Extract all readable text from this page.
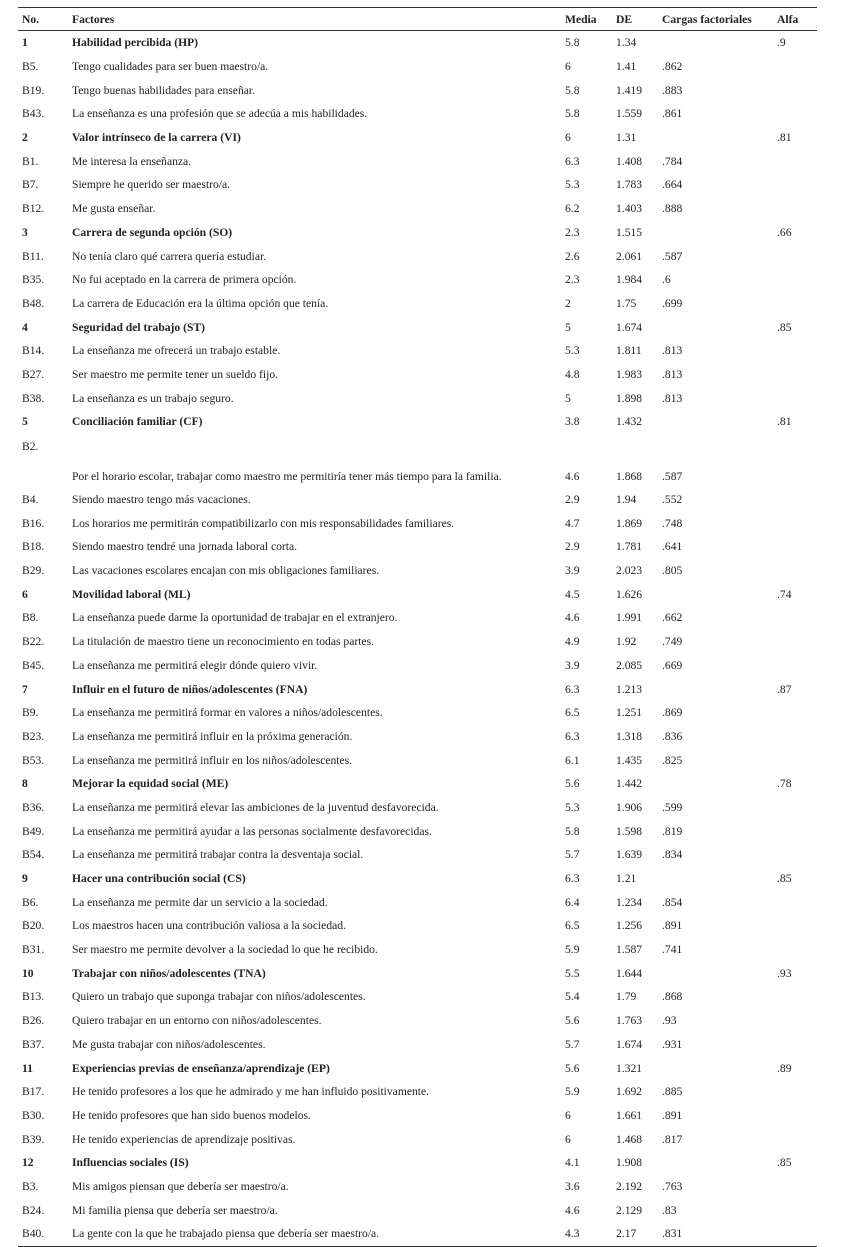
No.	Factores	Media	DE	Cargas factoriales	Alfa
1	Habilidad percibida (HP)	5.8	1.34		.9
B5.	Tengo cualidades para ser buen maestro/a.	6	1.41	.862	
B19.	Tengo buenas habilidades para enseñar.	5.8	1.419	.883	
B43.	La enseñanza es una profesión que se adecúa a mis habilidades.	5.8	1.559	.861	
2	Valor intrínseco de la carrera (VI)	6	1.31		.81
B1.	Me interesa la enseñanza.	6.3	1.408	.784	
B7.	Siempre he querido ser maestro/a.	5.3	1.783	.664	
B12.	Me gusta enseñar.	6.2	1.403	.888	
3	Carrera de segunda opción (SO)	2.3	1.515		.66
B11.	No tenía claro qué carrera quería estudiar.	2.6	2.061	.587	
B35.	No fui aceptado en la carrera de primera opción.	2.3	1.984	.6	
B48.	La carrera de Educación era la última opción que tenía.	2	1.75	.699	
4	Seguridad del trabajo (ST)	5	1.674		.85
B14.	La enseñanza me ofrecerá un trabajo estable.	5.3	1.811	.813	
B27.	Ser maestro me permite tener un sueldo fijo.	4.8	1.983	.813	
B38.	La enseñanza es un trabajo seguro.	5	1.898	.813	
5	Conciliación familiar (CF)	3.8	1.432		.81
B2.	Por el horario escolar, trabajar como maestro me permitiría tener más tiempo para la familia.	4.6	1.868	.587	
B4.	Siendo maestro tengo más vacaciones.	2.9	1.94	.552	
B16.	Los horarios me permitirán compatibilizarlo con mis responsabilidades familiares.	4.7	1.869	.748	
B18.	Siendo maestro tendré una jornada laboral corta.	2.9	1.781	.641	
B29.	Las vacaciones escolares encajan con mis obligaciones familiares.	3.9	2.023	.805	
6	Movilidad laboral (ML)	4.5	1.626		.74
B8.	La enseñanza puede darme la oportunidad de trabajar en el extranjero.	4.6	1.991	.662	
B22.	La titulación de maestro tiene un reconocimiento en todas partes.	4.9	1.92	.749	
B45.	La enseñanza me permitirá elegir dónde quiero vivir.	3.9	2.085	.669	
7	Influir en el futuro de niños/adolescentes (FNA)	6.3	1.213		.87
B9.	La enseñanza me permitirá formar en valores a niños/adolescentes.	6.5	1.251	.869	
B23.	La enseñanza me permitirá influir en la próxima generación.	6.3	1.318	.836	
B53.	La enseñanza me permitirá influir en los niños/adolescentes.	6.1	1.435	.825	
8	Mejorar la equidad social (ME)	5.6	1.442		.78
B36.	La enseñanza me permitirá elevar las ambiciones de la juventud desfavorecida.	5.3	1.906	.599	
B49.	La enseñanza me permitirá ayudar a las personas socialmente desfavorecidas.	5.8	1.598	.819	
B54.	La enseñanza me permitirá trabajar contra la desventaja social.	5.7	1.639	.834	
9	Hacer una contribución social (CS)	6.3	1.21		.85
B6.	La enseñanza me permite dar un servicio a la sociedad.	6.4	1.234	.854	
B20.	Los maestros hacen una contribución valiosa a la sociedad.	6.5	1.256	.891	
B31.	Ser maestro me permite devolver a la sociedad lo que he recibido.	5.9	1.587	.741	
10	Trabajar con niños/adolescentes (TNA)	5.5	1.644		.93
B13.	Quiero un trabajo que suponga trabajar con niños/adolescentes.	5.4	1.79	.868	
B26.	Quiero trabajar en un entorno con niños/adolescentes.	5.6	1.763	.93	
B37.	Me gusta trabajar con niños/adolescentes.	5.7	1.674	.931	
11	Experiencias previas de enseñanza/aprendizaje (EP)	5.6	1.321		.89
B17.	He tenido profesores a los que he admirado y me han influido positivamente.	5.9	1.692	.885	
B30.	He tenido profesores que han sido buenos modelos.	6	1.661	.891	
B39.	He tenido experiencias de aprendizaje positivas.	6	1.468	.817	
12	Influencias sociales (IS)	4.1	1.908		.85
B3.	Mis amigos piensan que debería ser maestro/a.	3.6	2.192	.763	
B24.	Mi familia piensa que debería ser maestro/a.	4.6	2.129	.83	
B40.	La gente con la que he trabajado piensa que debería ser maestro/a.	4.3	2.17	.831	
